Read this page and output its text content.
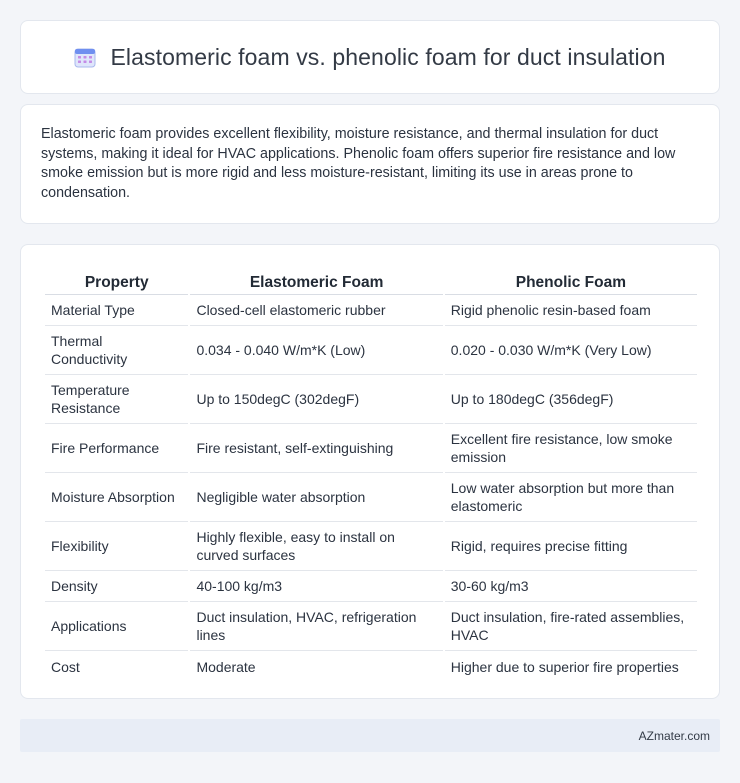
Elastomeric foam vs. phenolic foam for duct insulation

Elastomeric foam provides excellent flexibility, moisture resistance, and thermal insulation for duct systems, making it ideal for HVAC applications. Phenolic foam offers superior fire resistance and low smoke emission but is more rigid and less moisture-resistant, limiting its use in areas prone to condensation.

Property	Elastomeric Foam	Phenolic Foam
Material Type	Closed-cell elastomeric rubber	Rigid phenolic resin-based foam
Thermal Conductivity	0.034 - 0.040 W/m*K (Low)	0.020 - 0.030 W/m*K (Very Low)
Temperature Resistance	Up to 150degC (302degF)	Up to 180degC (356degF)
Fire Performance	Fire resistant, self-extinguishing	Excellent fire resistance, low smoke emission
Moisture Absorption	Negligible water absorption	Low water absorption but more than elastomeric
Flexibility	Highly flexible, easy to install on curved surfaces	Rigid, requires precise fitting
Density	40-100 kg/m3	30-60 kg/m3
Applications	Duct insulation, HVAC, refrigeration lines	Duct insulation, fire-rated assemblies, HVAC
Cost	Moderate	Higher due to superior fire properties
AZmater.com
